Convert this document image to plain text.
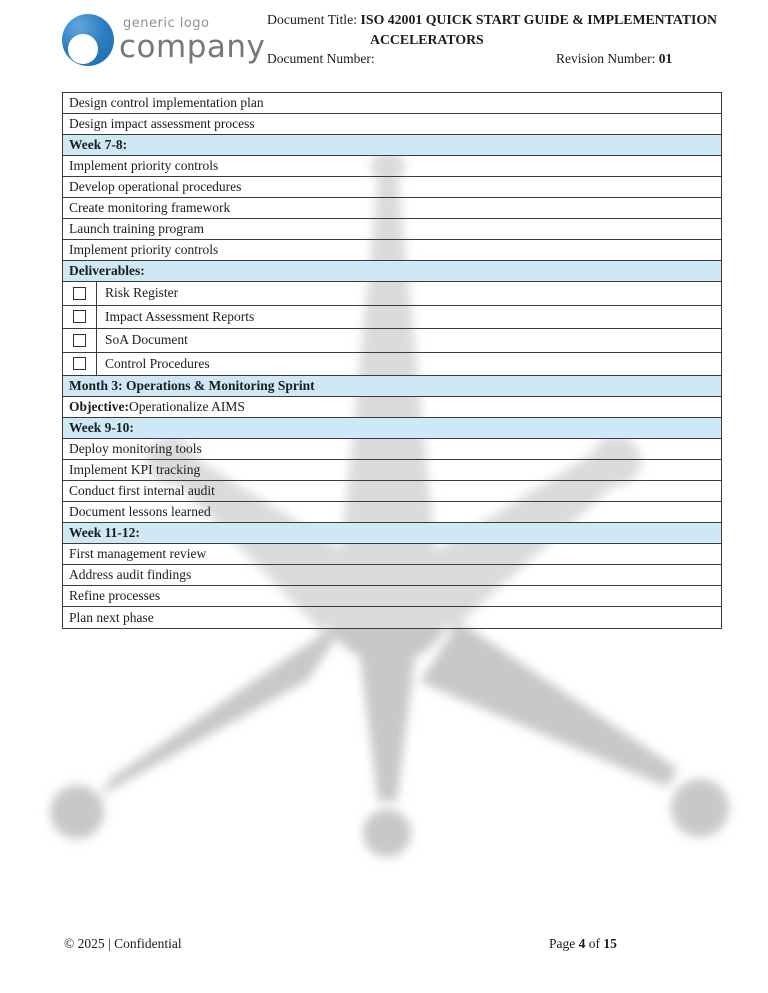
generic logo
company
Document Title: ISO 42001 QUICK START GUIDE & IMPLEMENTATION
ACCELERATORS
Document Number:	Revision Number: 01
Design control implementation plan
Design impact assessment process
Week 7-8:
Implement priority controls
Develop operational procedures
Create monitoring framework
Launch training program
Implement priority controls
Deliverables:
Risk Register
Impact Assessment Reports
SoA Document
Control Procedures
Month 3: Operations & Monitoring Sprint
Objective: Operationalize AIMS
Week 9-10:
Deploy monitoring tools
Implement KPI tracking
Conduct first internal audit
Document lessons learned
Week 11-12:
First management review
Address audit findings
Refine processes
Plan next phase
© 2025 | Confidential	Page 4 of 15
